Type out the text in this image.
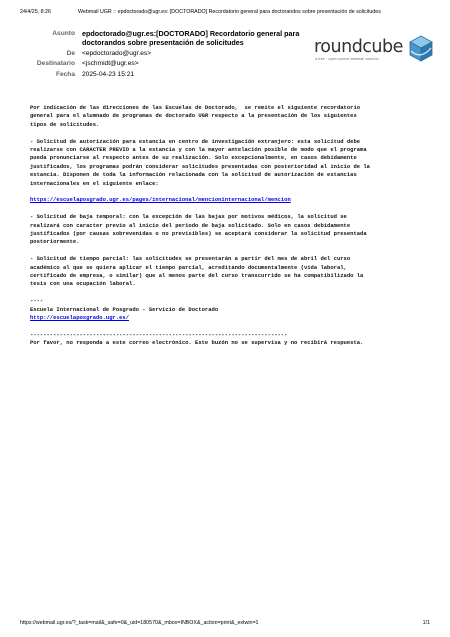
24/4/25, 8:26	Webmail UGR :: epdoctorado@ugr.es: [DOCTORADO] Recordatorio general para doctorandos sobre presentación de solicitudes
Asunto epdoctorado@ugr.es:[DOCTORADO] Recordatorio general para doctorandos sobre presentación de solicitudes
De	<epdoctorado@ugr.es>
Destinatario	<jschmidt@ugr.es>
Fecha	2025-04-23 15:21
roundcube
a free · open source webmail solution
Por indicación de las direcciones de las Escuelas de Doctorado,  se remite el siguiente recordatorio
general para el alumnado de programas de doctorado UGR respecto a la presentación de los siguientes
tipos de solicitudes.
- Solicitud de autorización para estancia en centro de investigación extranjero: esta solicitud debe
realizarse con CARACTER PREVIO a la estancia y con la mayor antelación posible de modo que el programa
pueda pronunciarse al respecto antes de su realización. Solo excepcionalmente, en casos debidamente
justificados, los programas podrán considerar solicitudes presentadas con posterioridad al inicio de la
estancia. Disponen de toda la información relacionada con la solicitud de autorización de estancias
internacionales en el siguiente enlace:
https://escuelaposgrado.ugr.es/pages/internacional/mencioninternacional/mencion
- Solicitud de baja temporal: con la excepción de las bajas por motivos médicos, la solicitud se
realizará con caracter previo al inicio del periodo de baja solicitado. Solo en casos debidamente
justificados (por causas sobrevenidas o no previsibles) se aceptará considerar la solicitud presentada
posteriormente.
- Solicitud de tiempo parcial: las solicitudes se presentarán a partir del mes de abril del curso
académico al que se quiera aplicar el tiempo parcial, acreditando documentalmente (vida laboral,
certificado de empresa, o similar) que al menos parte del curso transcurrido se ha compatibilizado la
tesis con una ocupación laboral.
----
Escuela Internacional de Posgrado - Servicio de Doctorado
http://escuelaposgrado.ugr.es/
------------------------------------------------------------------------------
Por favor, no responda a este correo electrónico. Este buzón no se supervisa y no recibirá respuesta.
https://webmail.ugr.es/?_task=mail&_safe=0&_uid=180570&_mbox=INBOX&_action=print&_extwin=1	1/1
